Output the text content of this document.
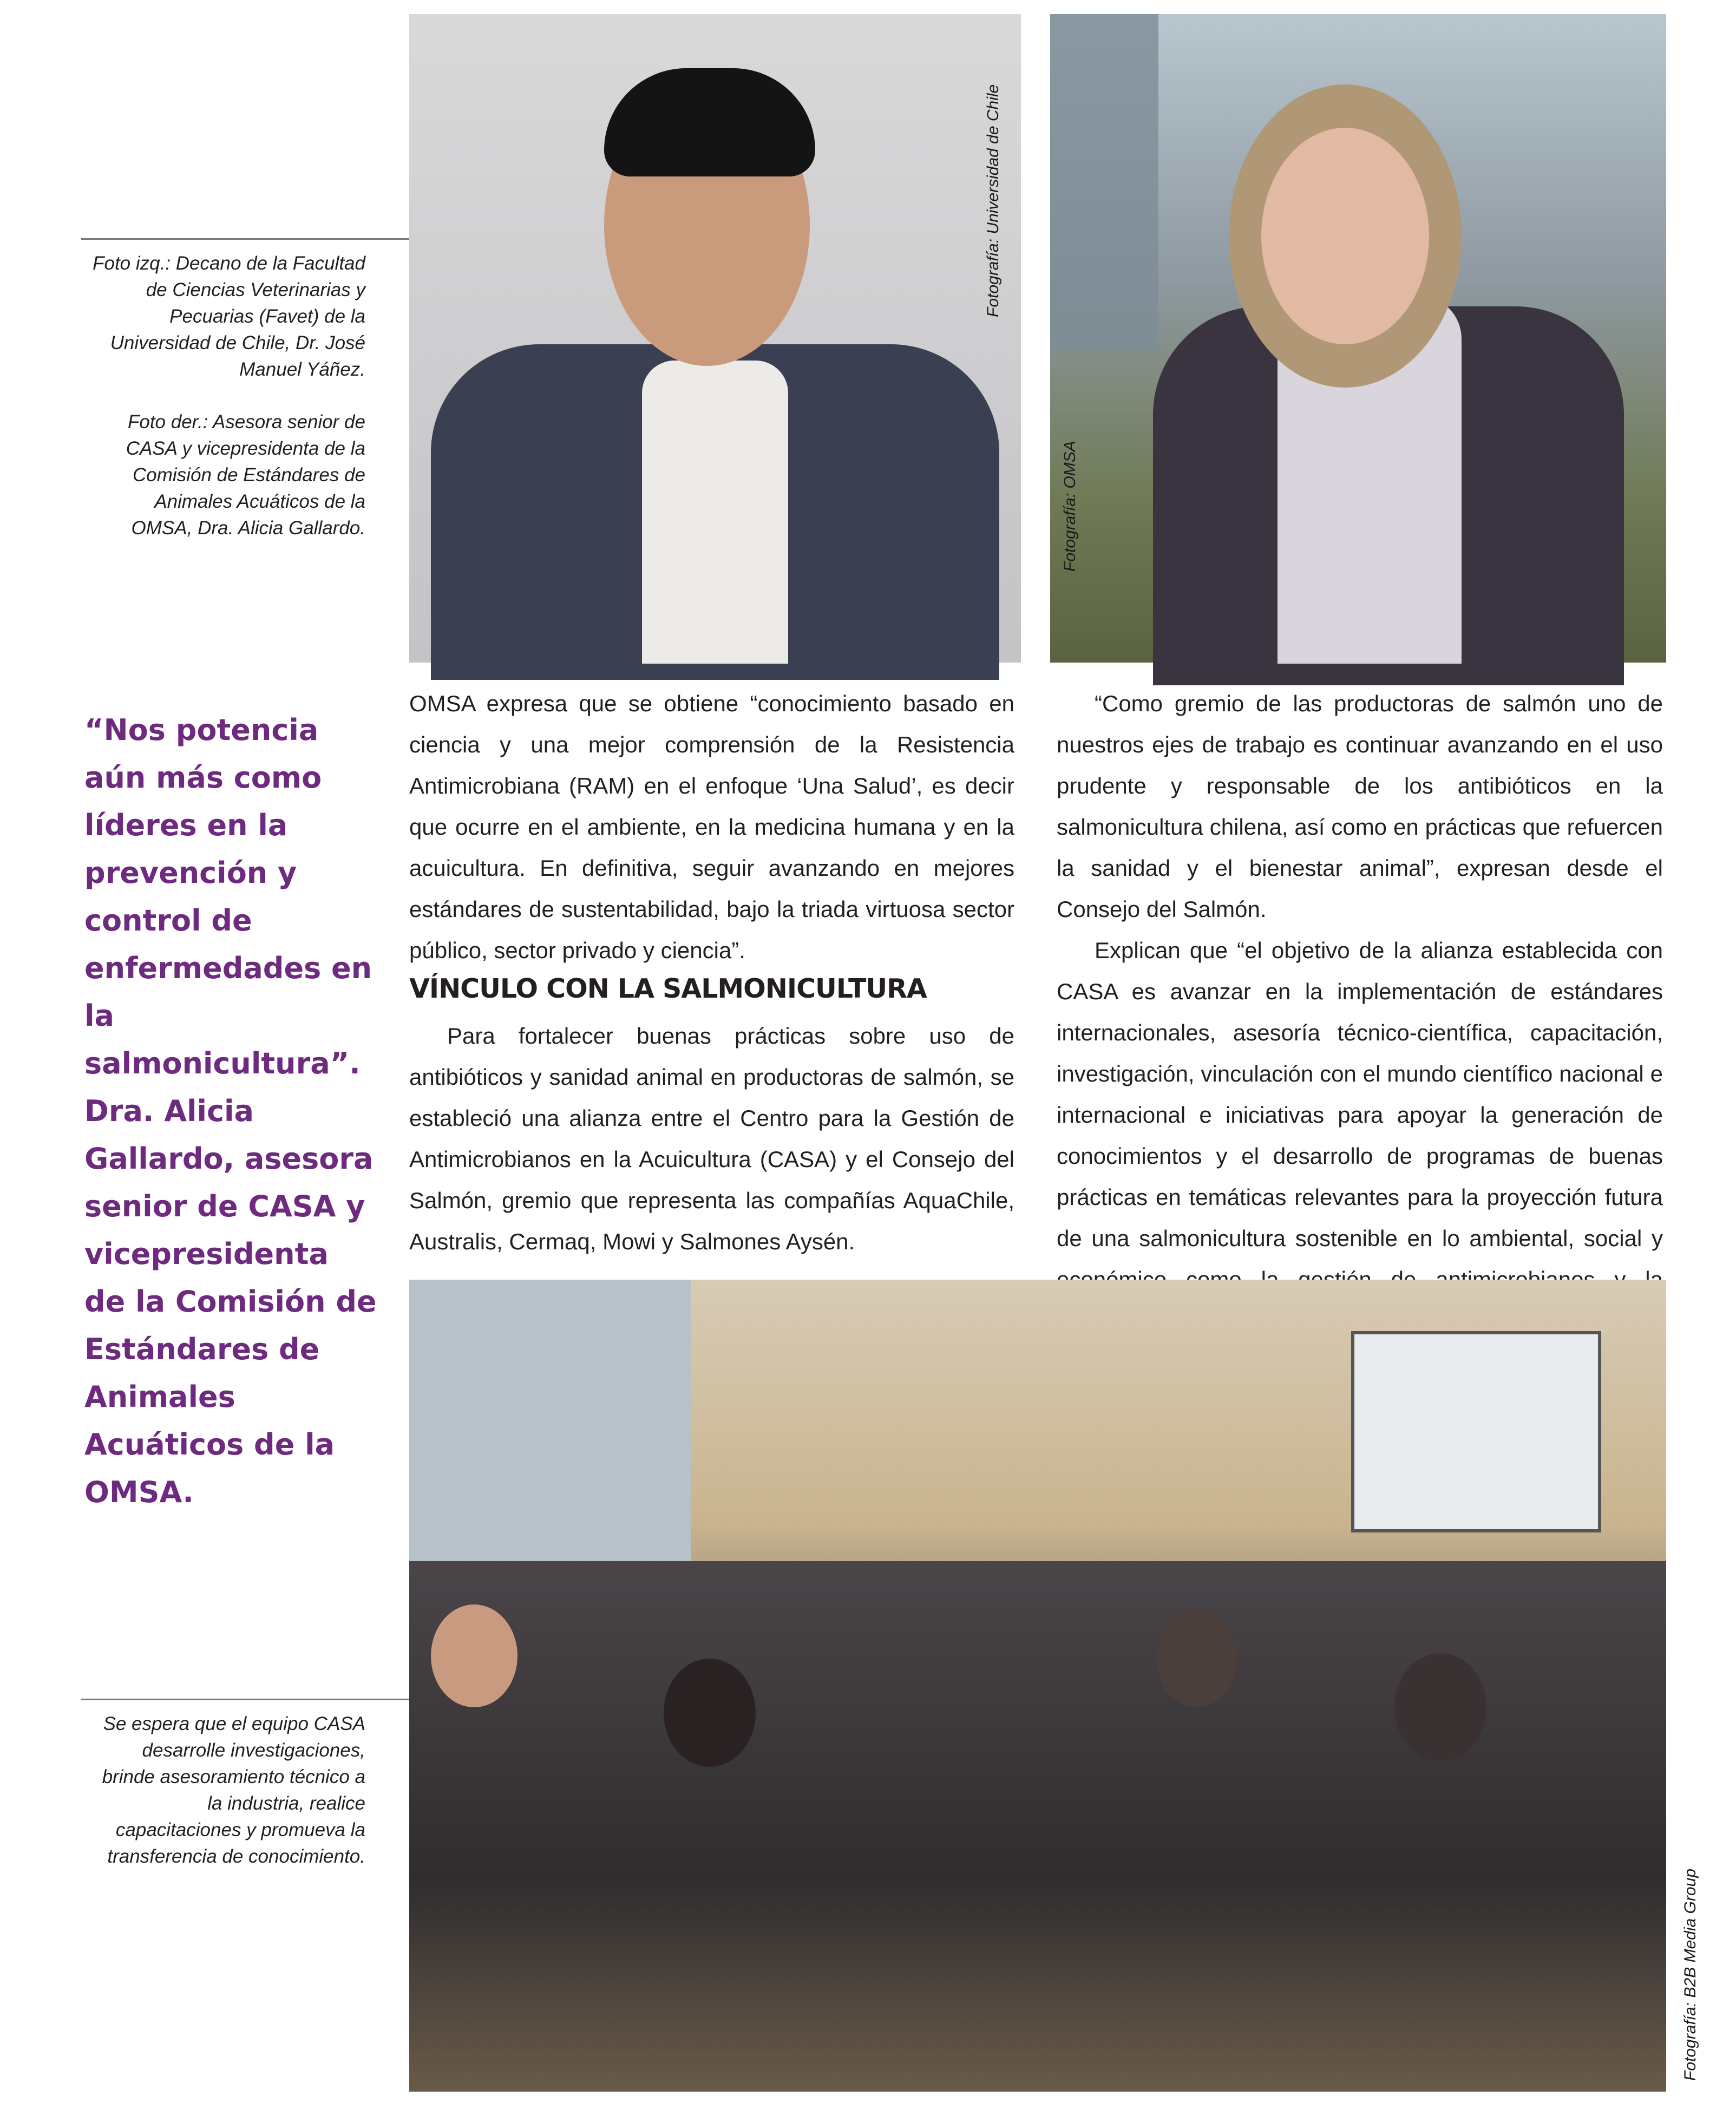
Fotografía: Universidad de Chile
Fotografía: OMSA

Foto izq.: Decano de la Facultad de Ciencias Veterinarias y Pecuarias (Favet) de la Universidad de Chile, Dr. José Manuel Yáñez.

Foto der.: Asesora senior de CASA y vicepresidenta de la Comisión de Estándares de Animales Acuáticos de la OMSA, Dra. Alicia Gallardo.

“Nos potencia aún más como líderes en la prevención y control de enfermedades en la salmonicultura”. Dra. Alicia Gallardo, asesora senior de CASA y vicepresidenta de la Comisión de Estándares de Animales Acuáticos de la OMSA.

OMSA expresa que se obtiene “conocimiento basado en ciencia y una mejor comprensión de la Resistencia Antimicrobiana (RAM) en el enfoque ‘Una Salud’, es decir que ocurre en el ambiente, en la medicina humana y en la acuicultura. En definitiva, seguir avanzando en mejores estándares de sustentabilidad, bajo la triada virtuosa sector público, sector privado y ciencia”.

VÍNCULO CON LA SALMONICULTURA

Para fortalecer buenas prácticas sobre uso de antibióticos y sanidad animal en productoras de salmón, se estableció una alianza entre el Centro para la Gestión de Antimicrobianos en la Acuicultura (CASA) y el Consejo del Salmón, gremio que representa las compañías AquaChile, Australis, Cermaq, Mowi y Salmones Aysén.

“Como gremio de las productoras de salmón uno de nuestros ejes de trabajo es continuar avanzando en el uso prudente y responsable de los antibióticos en la salmonicultura chilena, así como en prácticas que refuercen la sanidad y el bienestar animal”, expresan desde el Consejo del Salmón.

Explican que “el objetivo de la alianza establecida con CASA es avanzar en la implementación de estándares internacionales, asesoría técnico-científica, capacitación, investigación, vinculación con el mundo científico nacional e internacional e iniciativas para apoyar la generación de conocimientos y el desarrollo de programas de buenas prácticas en temáticas relevantes para la proyección futura de una salmonicultura sostenible en lo ambiental, social y

Fotografía: B2B Media Group
Se espera que el equipo CASA desarrolle investigaciones, brinde asesoramiento técnico a la industria, realice capacitaciones y promueva la transferencia de conocimiento.
